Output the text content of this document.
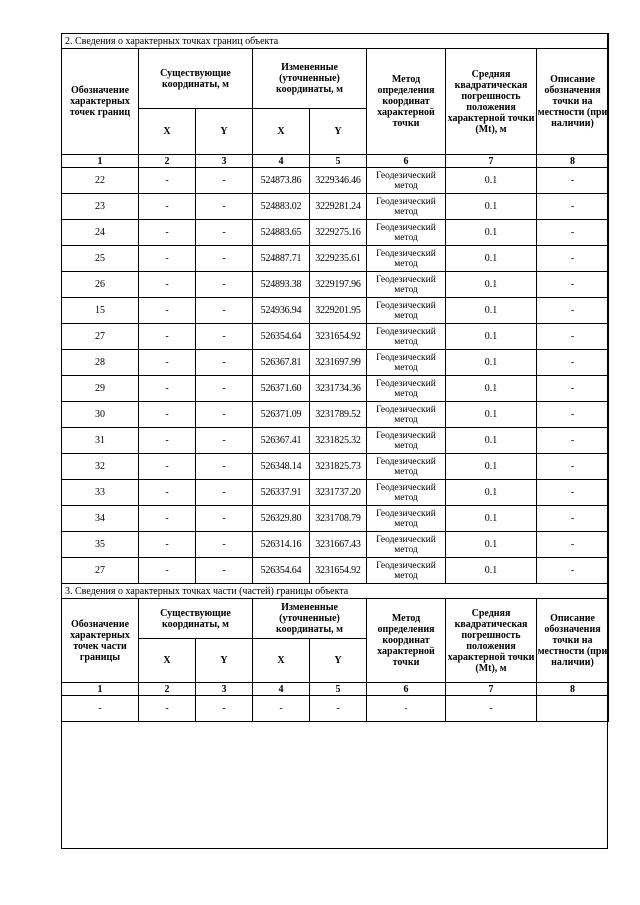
2. Сведения о характерных точках границ объекта							
Обозначение характерных точек границ	Существующие координаты, м		Измененные (уточненные) координаты, м		Метод определения координат характерной точки	Средняя квадратическая погрешность положения характерной точки (Mt), м	Описание обозначения точки на местности (при наличии)
	X	Y	X	Y			
1	2	3	4	5	6	7	8
22	-	-	524873.86	3229346.46	Геодезический метод	0.1	-
23	-	-	524883.02	3229281.24	Геодезический метод	0.1	-
24	-	-	524883.65	3229275.16	Геодезический метод	0.1	-
25	-	-	524887.71	3229235.61	Геодезический метод	0.1	-
26	-	-	524893.38	3229197.96	Геодезический метод	0.1	-
15	-	-	524936.94	3229201.95	Геодезический метод	0.1	-
27	-	-	526354.64	3231654.92	Геодезический метод	0.1	-
28	-	-	526367.81	3231697.99	Геодезический метод	0.1	-
29	-	-	526371.60	3231734.36	Геодезический метод	0.1	-
30	-	-	526371.09	3231789.52	Геодезический метод	0.1	-
31	-	-	526367.41	3231825.32	Геодезический метод	0.1	-
32	-	-	526348.14	3231825.73	Геодезический метод	0.1	-
33	-	-	526337.91	3231737.20	Геодезический метод	0.1	-
34	-	-	526329.80	3231708.79	Геодезический метод	0.1	-
35	-	-	526314.16	3231667.43	Геодезический метод	0.1	-
27	-	-	526354.64	3231654.92	Геодезический метод	0.1	-
3. Сведения о характерных точках части (частей) границы объекта							
Обозначение характерных точек части границы	Существующие координаты, м		Измененные (уточненные) координаты, м		Метод определения координат характерной точки	Средняя квадратическая погрешность положения характерной точки (Mt), м	Описание обозначения точки на местности (при наличии)
	X	Y	X	Y			
1	2	3	4	5	6	7	8
-	-	-	-	-	-	-	
